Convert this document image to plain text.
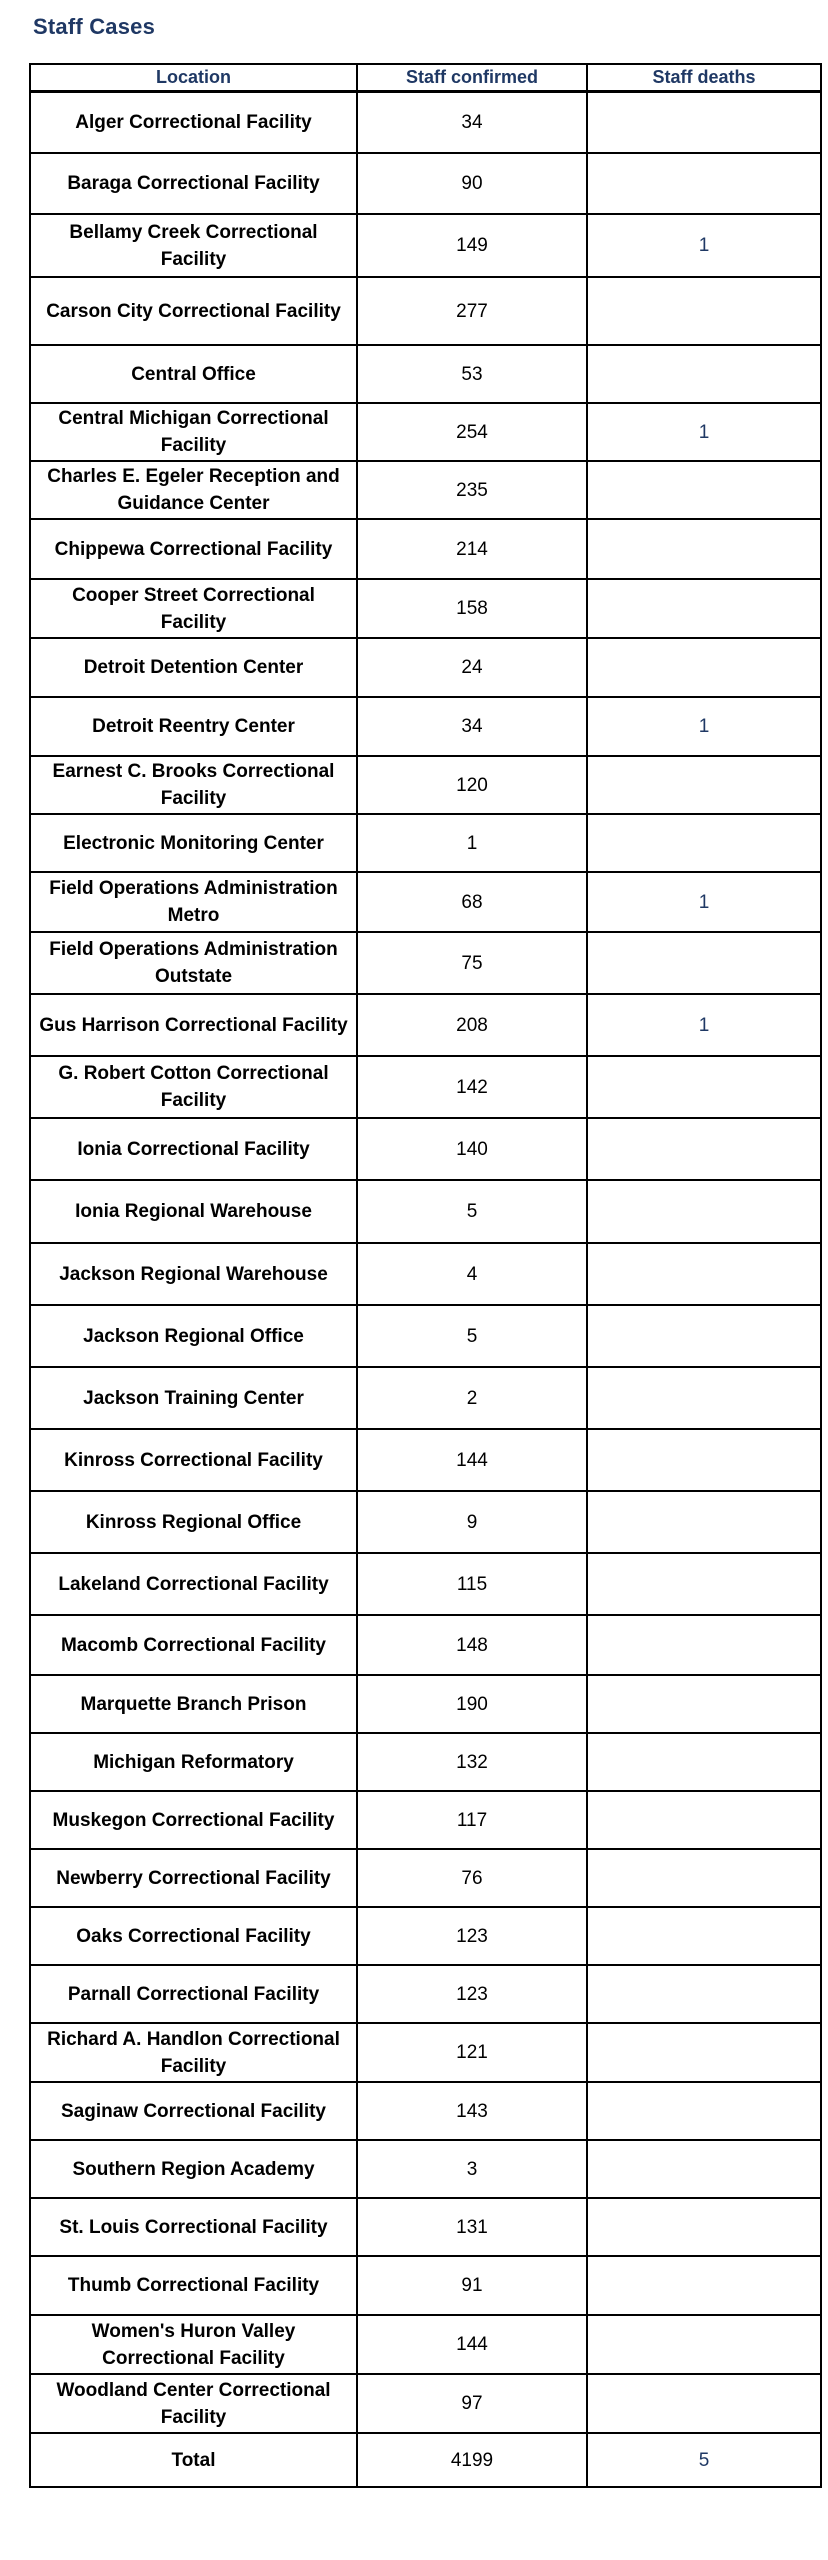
Staff Cases
Location	Staff confirmed	Staff deaths
Alger Correctional Facility	34	
Baraga Correctional Facility	90	
Bellamy Creek Correctional Facility	149	1
Carson City Correctional Facility	277	
Central Office	53	
Central Michigan Correctional Facility	254	1
Charles E. Egeler Reception and Guidance Center	235	
Chippewa Correctional Facility	214	
Cooper Street Correctional Facility	158	
Detroit Detention Center	24	
Detroit Reentry Center	34	1
Earnest C. Brooks Correctional Facility	120	
Electronic Monitoring Center	1	
Field Operations Administration Metro	68	1
Field Operations Administration Outstate	75	
Gus Harrison Correctional Facility	208	1
G. Robert Cotton Correctional Facility	142	
Ionia Correctional Facility	140	
Ionia Regional Warehouse	5	
Jackson Regional Warehouse	4	
Jackson Regional Office	5	
Jackson Training Center	2	
Kinross Correctional Facility	144	
Kinross Regional Office	9	
Lakeland Correctional Facility	115	
Macomb Correctional Facility	148	
Marquette Branch Prison	190	
Michigan Reformatory	132	
Muskegon Correctional Facility	117	
Newberry Correctional Facility	76	
Oaks Correctional Facility	123	
Parnall Correctional Facility	123	
Richard A. Handlon Correctional Facility	121	
Saginaw Correctional Facility	143	
Southern Region Academy	3	
St. Louis Correctional Facility	131	
Thumb Correctional Facility	91	
Women's Huron Valley Correctional Facility	144	
Woodland Center Correctional Facility	97	
Total	4199	5
